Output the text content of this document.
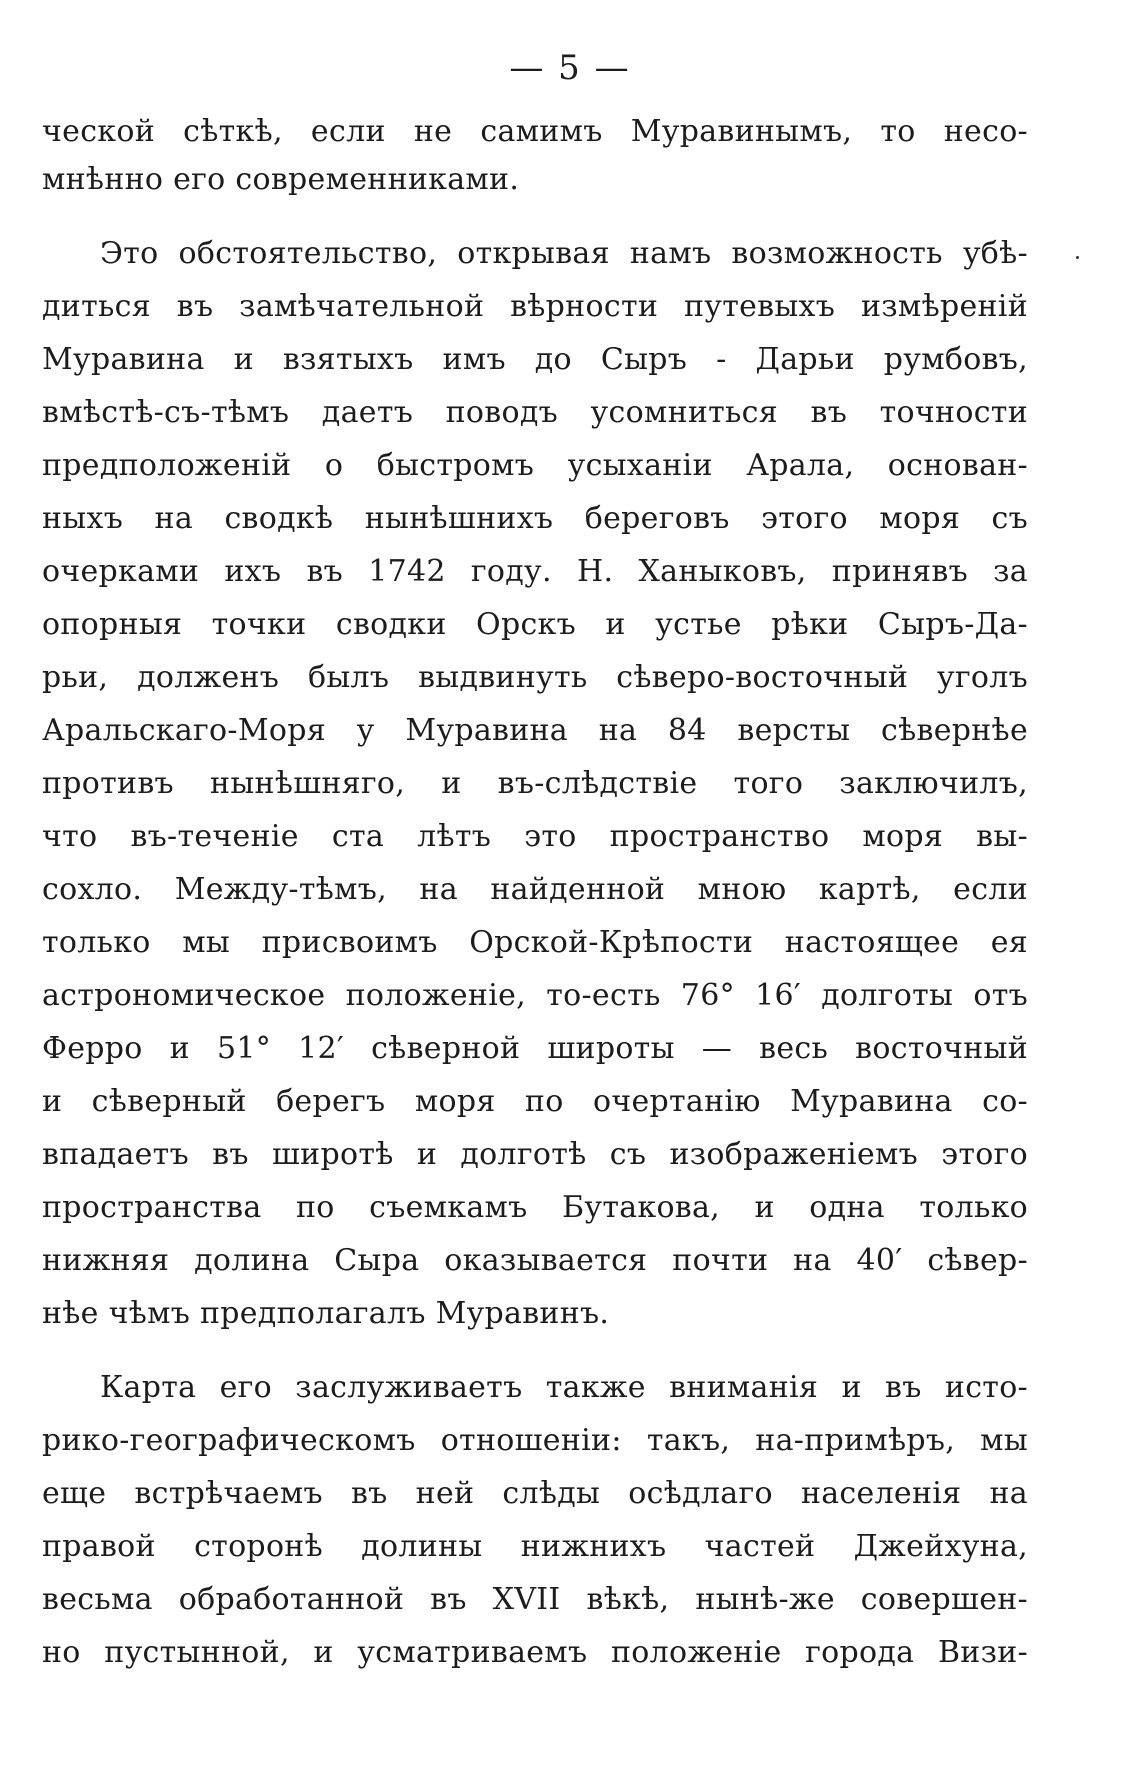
— 5 —
ческой сѣткѣ, если не самимъ Муравинымъ, то несо-
мнѣнно его современниками.
Это обстоятельство, открывая намъ возможность убѣ-
диться въ замѣчательной вѣрности путевыхъ измѣреній
Муравина и взятыхъ имъ до Сыръ - Дарьи румбовъ,
вмѣстѣ-съ-тѣмъ даетъ поводъ усомниться въ точности
предположеній о быстромъ усыханіи Арала, основан-
ныхъ на сводкѣ нынѣшнихъ береговъ этого моря съ
очерками ихъ въ 1742 году. Н. Ханыковъ, принявъ за
опорныя точки сводки Орскъ и устье рѣки Сыръ-Да-
рьи, долженъ былъ выдвинуть сѣверо-восточный уголъ
Аральскаго-Моря у Муравина на 84 версты сѣвернѣе
противъ нынѣшняго, и въ-слѣдствіе того заключилъ,
что въ-теченіе ста лѣтъ это пространство моря вы-
сохло. Между-тѣмъ, на найденной мною картѣ, если
только мы присвоимъ Орской-Крѣпости настоящее ея
астрономическое положеніе, то-есть 76° 16′ долготы отъ
Ферро и 51° 12′ сѣверной широты — весь восточный
и сѣверный берегъ моря по очертанію Муравина со-
впадаетъ въ широтѣ и долготѣ съ изображеніемъ этого
пространства по съемкамъ Бутакова, и одна только
нижняя долина Сыра оказывается почти на 40′ сѣвер-
нѣе чѣмъ предполагалъ Муравинъ.
Карта его заслуживаетъ также вниманія и въ исто-
рико-географическомъ отношеніи: такъ, на-примѣръ, мы
еще встрѣчаемъ въ ней слѣды осѣдлаго населенія на
правой сторонѣ долины нижнихъ частей Джейхуна,
весьма обработанной въ XVII вѣкѣ, нынѣ-же совершен-
но пустынной, и усматриваемъ положеніе города Визи-
